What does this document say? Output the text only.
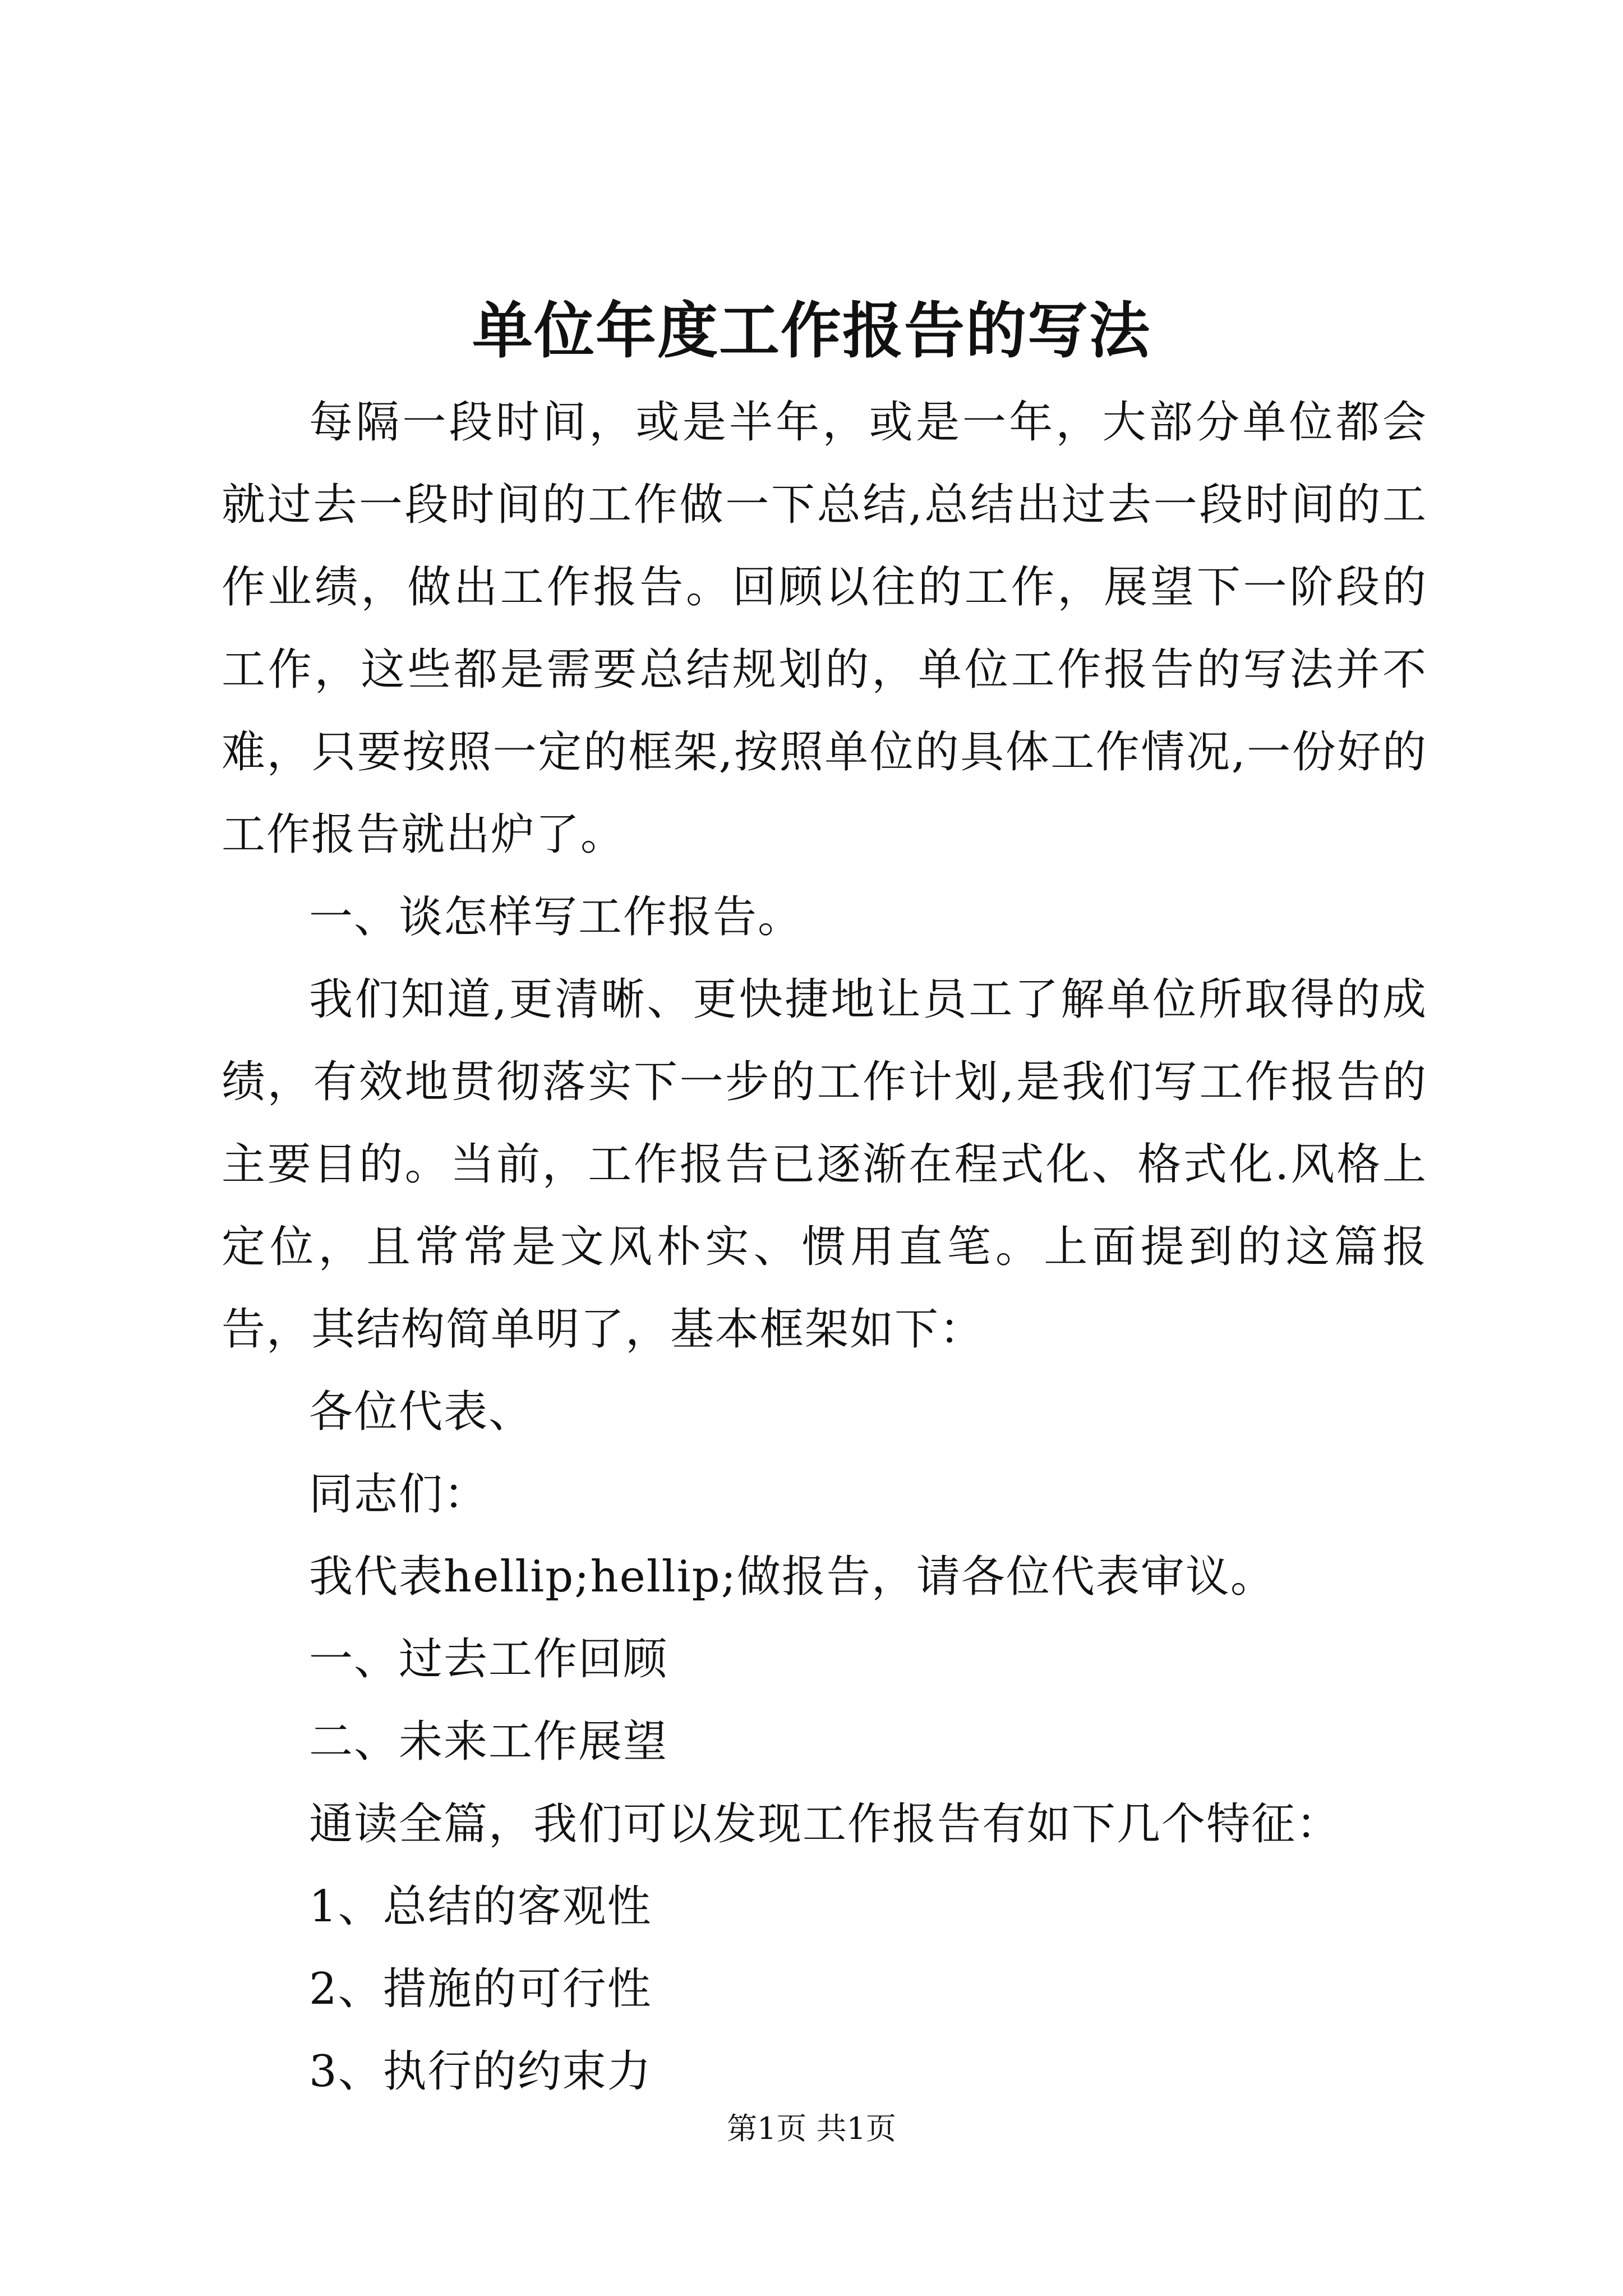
单位年度工作报告的写法

每隔一段时间，或是半年，或是一年，大部分单位都会就过去一段时间的工作做一下总结,总结出过去一段时间的工作业绩，做出工作报告。回顾以往的工作，展望下一阶段的工作，这些都是需要总结规划的，单位工作报告的写法并不难，只要按照一定的框架,按照单位的具体工作情况,一份好的工作报告就出炉了。

一、谈怎样写工作报告。

我们知道,更清晰、更快捷地让员工了解单位所取得的成绩，有效地贯彻落实下一步的工作计划,是我们写工作报告的主要目的。当前，工作报告已逐渐在程式化、格式化.风格上定位，且常常是文风朴实、惯用直笔。上面提到的这篇报告，其结构简单明了，基本框架如下：

各位代表、

同志们：

我代表hellip;hellip;做报告，请各位代表审议。

一、过去工作回顾

二、未来工作展望

通读全篇，我们可以发现工作报告有如下几个特征：

1、总结的客观性

2、措施的可行性

3、执行的约束力

第1页 共1页
